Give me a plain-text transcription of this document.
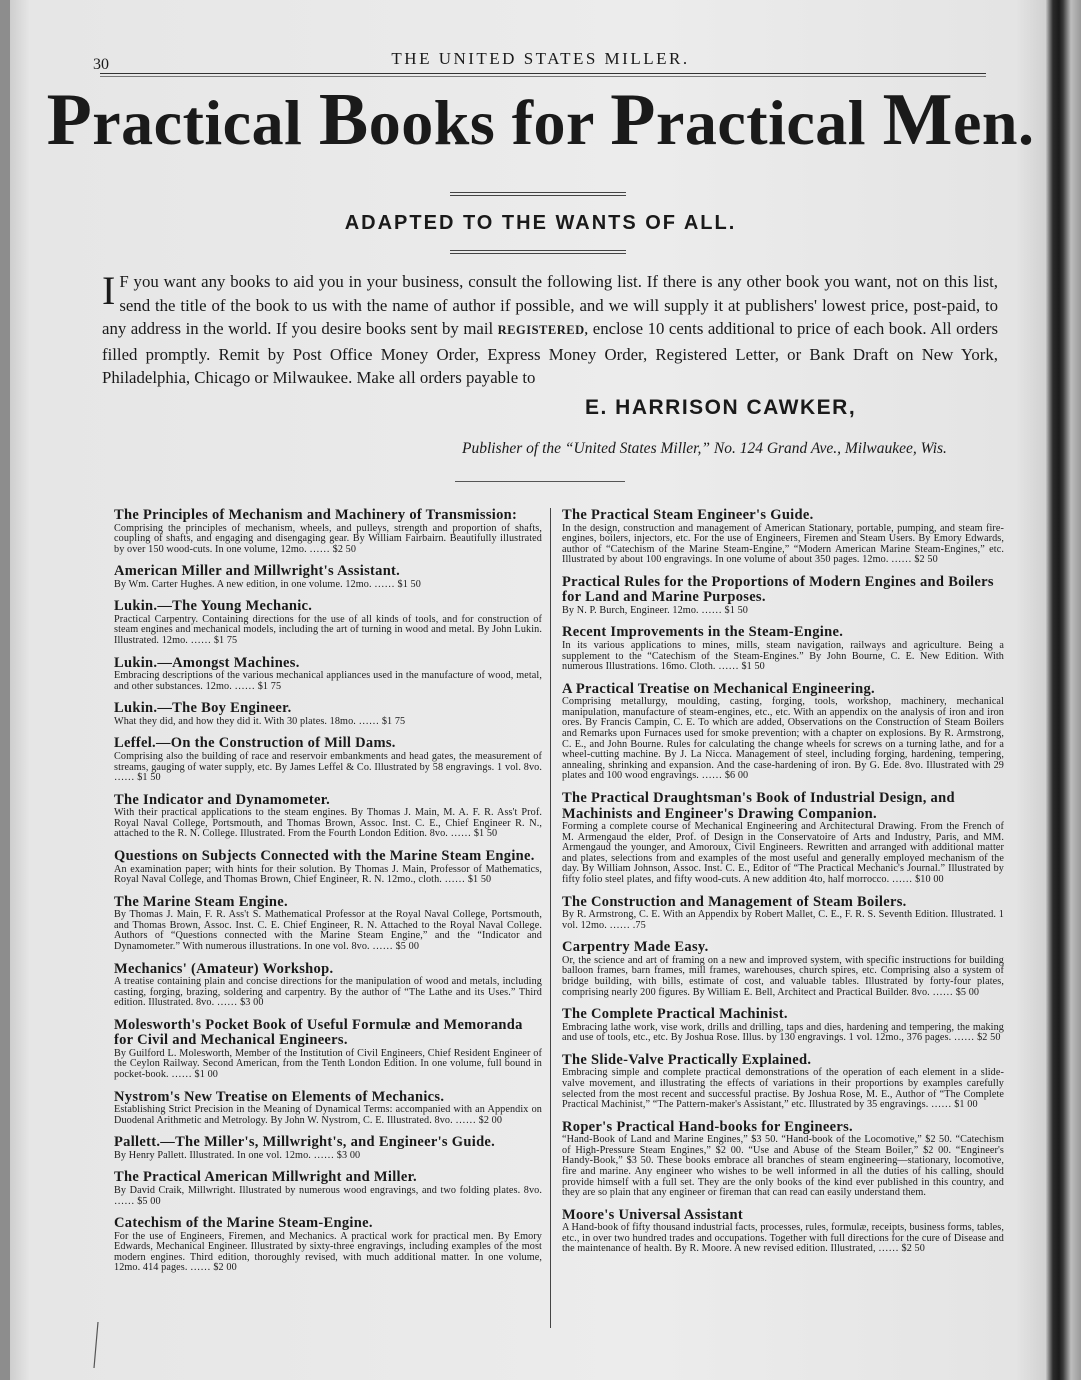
30	THE UNITED STATES MILLER.
Practical Books for Practical Men.
ADAPTED TO THE WANTS OF ALL.
I F you want any books to aid you in your business, consult the following list. If there is any other book you want, not on this list, send the title of the book to us with the name of author if possible, and we will supply it at publishers' lowest price, post-paid, to any address in the world. If you desire books sent by mail REGISTERED, enclose 10 cents additional to price of each book. All orders filled promptly. Remit by Post Office Money Order, Express Money Order, Registered Letter, or Bank Draft on New York, Philadelphia, Chicago or Milwaukee. Make all orders payable to
E. HARRISON CAWKER,
Publisher of the “United States Miller,” No. 124 Grand Ave., Milwaukee, Wis.
The Principles of Mechanism and Machinery of Transmission:
Comprising the principles of mechanism, wheels, and pulleys, strength and proportion of shafts, coupling of shafts, and engaging and disengaging gear. By William Fairbairn. Beautifully illustrated by over 150 wood-cuts. In one volume, 12mo. …… $2 50
American Miller and Millwright's Assistant.
By Wm. Carter Hughes. A new edition, in one volume. 12mo. …… $1 50
Lukin.—The Young Mechanic.
Practical Carpentry. Containing directions for the use of all kinds of tools, and for construction of steam engines and mechanical models, including the art of turning in wood and metal. By John Lukin. Illustrated. 12mo. …… $1 75
Lukin.—Amongst Machines.
Embracing descriptions of the various mechanical appliances used in the manufacture of wood, metal, and other substances. 12mo. …… $1 75
Lukin.—The Boy Engineer.
What they did, and how they did it. With 30 plates. 18mo. …… $1 75
Leffel.—On the Construction of Mill Dams.
Comprising also the building of race and reservoir embankments and head gates, the measurement of streams, gauging of water supply, etc. By James Leffel & Co. Illustrated by 58 engravings. 1 vol. 8vo. …… $1 50
The Indicator and Dynamometer.
With their practical applications to the steam engines. By Thomas J. Main, M. A. F. R. Ass't Prof. Royal Naval College, Portsmouth, and Thomas Brown, Assoc. Inst. C. E., Chief Engineer R. N., attached to the R. N. College. Illustrated. From the Fourth London Edition. 8vo. …… $1 50
Questions on Subjects Connected with the Marine Steam Engine.
An examination paper; with hints for their solution. By Thomas J. Main, Professor of Mathematics, Royal Naval College, and Thomas Brown, Chief Engineer, R. N. 12mo., cloth. …… $1 50
The Marine Steam Engine.
By Thomas J. Main, F. R. Ass't S. Mathematical Professor at the Royal Naval College, Portsmouth, and Thomas Brown, Assoc. Inst. C. E. Chief Engineer, R. N. Attached to the Royal Naval College. Authors of “Questions connected with the Marine Steam Engine,” and the “Indicator and Dynamometer.” With numerous illustrations. In one vol. 8vo. …… $5 00
Mechanics' (Amateur) Workshop.
A treatise containing plain and concise directions for the manipulation of wood and metals, including casting, forging, brazing, soldering and carpentry. By the author of “The Lathe and its Uses.” Third edition. Illustrated. 8vo. …… $3 00
Molesworth's Pocket Book of Useful Formulæ and Memoranda for Civil and Mechanical Engineers.
By Guilford L. Molesworth, Member of the Institution of Civil Engineers, Chief Resident Engineer of the Ceylon Railway. Second American, from the Tenth London Edition. In one volume, full bound in pocket-book. …… $1 00
Nystrom's New Treatise on Elements of Mechanics.
Establishing Strict Precision in the Meaning of Dynamical Terms: accompanied with an Appendix on Duodenal Arithmetic and Metrology. By John W. Nystrom, C. E. Illustrated. 8vo. …… $2 00
Pallett.—The Miller's, Millwright's, and Engineer's Guide.
By Henry Pallett. Illustrated. In one vol. 12mo. …… $3 00
The Practical American Millwright and Miller.
By David Craik, Millwright. Illustrated by numerous wood engravings, and two folding plates. 8vo. …… $5 00
Catechism of the Marine Steam-Engine.
For the use of Engineers, Firemen, and Mechanics. A practical work for practical men. By Emory Edwards, Mechanical Engineer. Illustrated by sixty-three engravings, including examples of the most modern engines. Third edition, thoroughly revised, with much additional matter. In one volume, 12mo. 414 pages. …… $2 00
The Practical Steam Engineer's Guide.
In the design, construction and management of American Stationary, portable, pumping, and steam fire-engines, boilers, injectors, etc. For the use of Engineers, Firemen and Steam Users. By Emory Edwards, author of “Catechism of the Marine Steam-Engine,” “Modern American Marine Steam-Engines,” etc. Illustrated by about 100 engravings. In one volume of about 350 pages. 12mo. …… $2 50
Practical Rules for the Proportions of Modern Engines and Boilers for Land and Marine Purposes.
By N. P. Burch, Engineer. 12mo. …… $1 50
Recent Improvements in the Steam-Engine.
In its various applications to mines, mills, steam navigation, railways and agriculture. Being a supplement to the “Catechism of the Steam-Engines.” By John Bourne, C. E. New Edition. With numerous Illustrations. 16mo. Cloth. …… $1 50
A Practical Treatise on Mechanical Engineering.
Comprising metallurgy, moulding, casting, forging, tools, workshop, machinery, mechanical manipulation, manufacture of steam-engines, etc., etc. With an appendix on the analysis of iron and iron ores. By Francis Campin, C. E. To which are added, Observations on the Construction of Steam Boilers and Remarks upon Furnaces used for smoke prevention; with a chapter on explosions. By R. Armstrong, C. E., and John Bourne. Rules for calculating the change wheels for screws on a turning lathe, and for a wheel-cutting machine. By J. La Nicca. Management of steel, including forging, hardening, tempering, annealing, shrinking and expansion. And the case-hardening of iron. By G. Ede. 8vo. Illustrated with 29 plates and 100 wood engravings. …… $6 00
The Practical Draughtsman's Book of Industrial Design, and Machinists and Engineer's Drawing Companion.
Forming a complete course of Mechanical Engineering and Architectural Drawing. From the French of M. Armengaud the elder, Prof. of Design in the Conservatoire of Arts and Industry, Paris, and MM. Armengaud the younger, and Amoroux, Civil Engineers. Rewritten and arranged with additional matter and plates, selections from and examples of the most useful and generally employed mechanism of the day. By William Johnson, Assoc. Inst. C. E., Editor of “The Practical Mechanic's Journal.” Illustrated by fifty folio steel plates, and fifty wood-cuts. A new addition 4to, half morrocco. …… $10 00
The Construction and Management of Steam Boilers.
By R. Armstrong, C. E. With an Appendix by Robert Mallet, C. E., F. R. S. Seventh Edition. Illustrated. 1 vol. 12mo. …… .75
Carpentry Made Easy.
Or, the science and art of framing on a new and improved system, with specific instructions for building balloon frames, barn frames, mill frames, warehouses, church spires, etc. Comprising also a system of bridge building, with bills, estimate of cost, and valuable tables. Illustrated by forty-four plates, comprising nearly 200 figures. By William E. Bell, Architect and Practical Builder. 8vo. …… $5 00
The Complete Practical Machinist.
Embracing lathe work, vise work, drills and drilling, taps and dies, hardening and tempering, the making and use of tools, etc., etc. By Joshua Rose. Illus. by 130 engravings. 1 vol. 12mo., 376 pages. …… $2 50
The Slide-Valve Practically Explained.
Embracing simple and complete practical demonstrations of the operation of each element in a slide-valve movement, and illustrating the effects of variations in their proportions by examples carefully selected from the most recent and successful practise. By Joshua Rose, M. E., Author of “The Complete Practical Machinist,” “The Pattern-maker's Assistant,” etc. Illustrated by 35 engravings. …… $1 00
Roper's Practical Hand-books for Engineers.
“Hand-Book of Land and Marine Engines,” $3 50. “Hand-book of the Locomotive,” $2 50. “Catechism of High-Pressure Steam Engines,” $2 00. “Use and Abuse of the Steam Boiler,” $2 00. “Engineer's Handy-Book,” $3 50. These books embrace all branches of steam engineering—stationary, locomotive, fire and marine. Any engineer who wishes to be well informed in all the duties of his calling, should provide himself with a full set. They are the only books of the kind ever published in this country, and they are so plain that any engineer or fireman that can read can easily understand them.
Moore's Universal Assistant
A Hand-book of fifty thousand industrial facts, processes, rules, formulæ, receipts, business forms, tables, etc., in over two hundred trades and occupations. Together with full directions for the cure of Disease and the maintenance of health. By R. Moore. A new revised edition. Illustrated, …… $2 50
